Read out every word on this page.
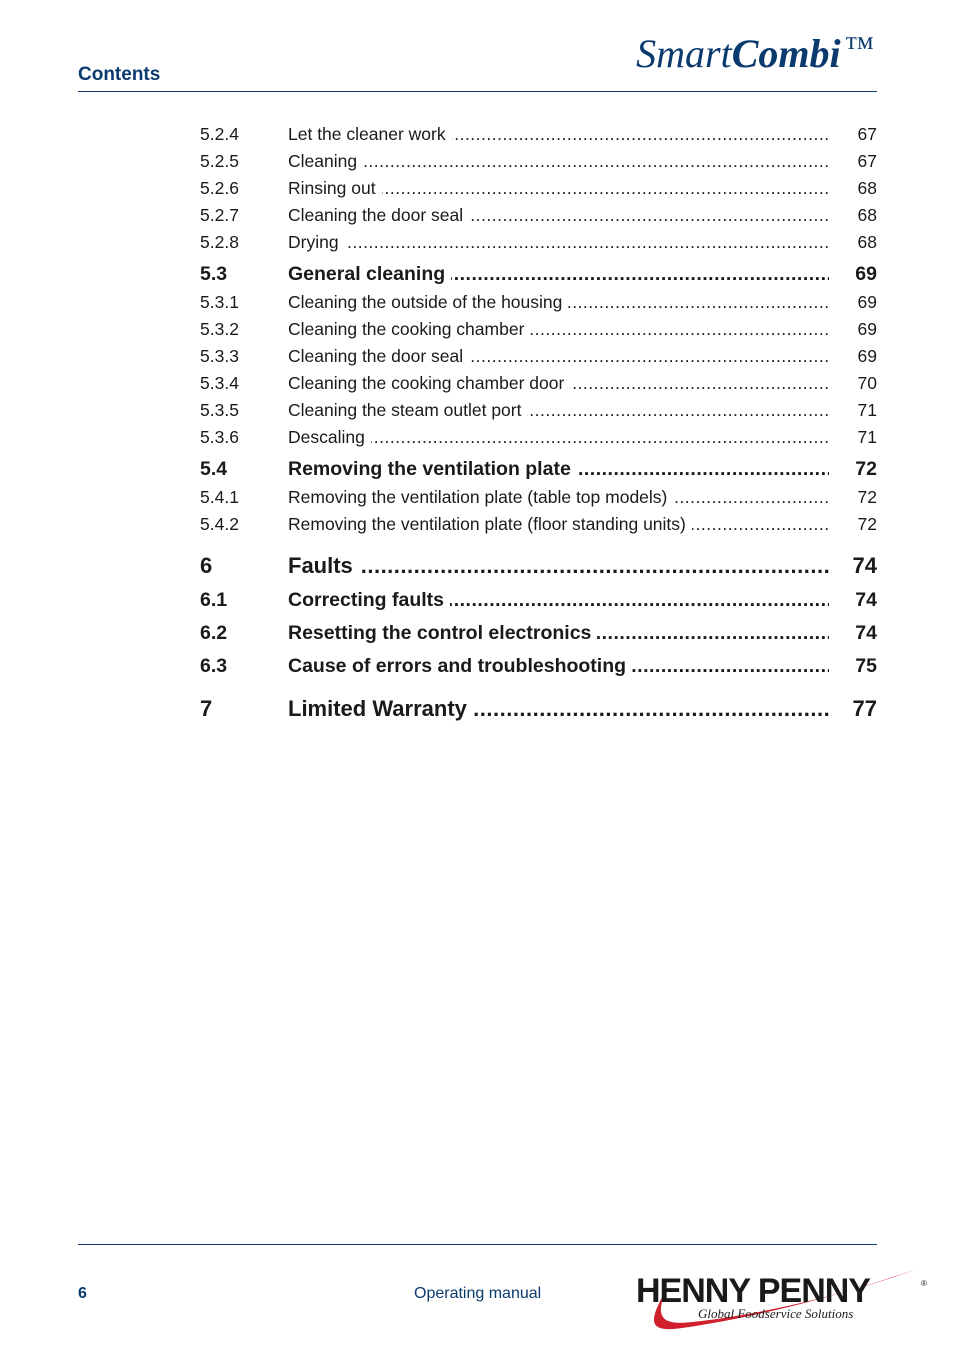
Contents	SmartCombi ™
5.2.4	Let the cleaner work .....	67
5.2.5	Cleaning .....	67
5.2.6	Rinsing out .....	68
5.2.7	Cleaning the door seal .....	68
5.2.8	Drying .....	68
5.3	General cleaning .....	69
5.3.1	Cleaning the outside of the housing .....	69
5.3.2	Cleaning the cooking chamber .....	69
5.3.3	Cleaning the door seal .....	69
5.3.4	Cleaning the cooking chamber door .....	70
5.3.5	Cleaning the steam outlet port .....	71
5.3.6	Descaling .....	71
5.4	Removing the ventilation plate .....	72
5.4.1	Removing the ventilation plate (table top models) .....	72
5.4.2	Removing the ventilation plate (floor standing units) .....	72
6	Faults .....	74
6.1	Correcting faults .....	74
6.2	Resetting the control electronics .....	74
6.3	Cause of errors and troubleshooting .....	75
7	Limited Warranty .....	77
6	Operating manual	HENNY PENNY	®
Global Foodservice Solutions
